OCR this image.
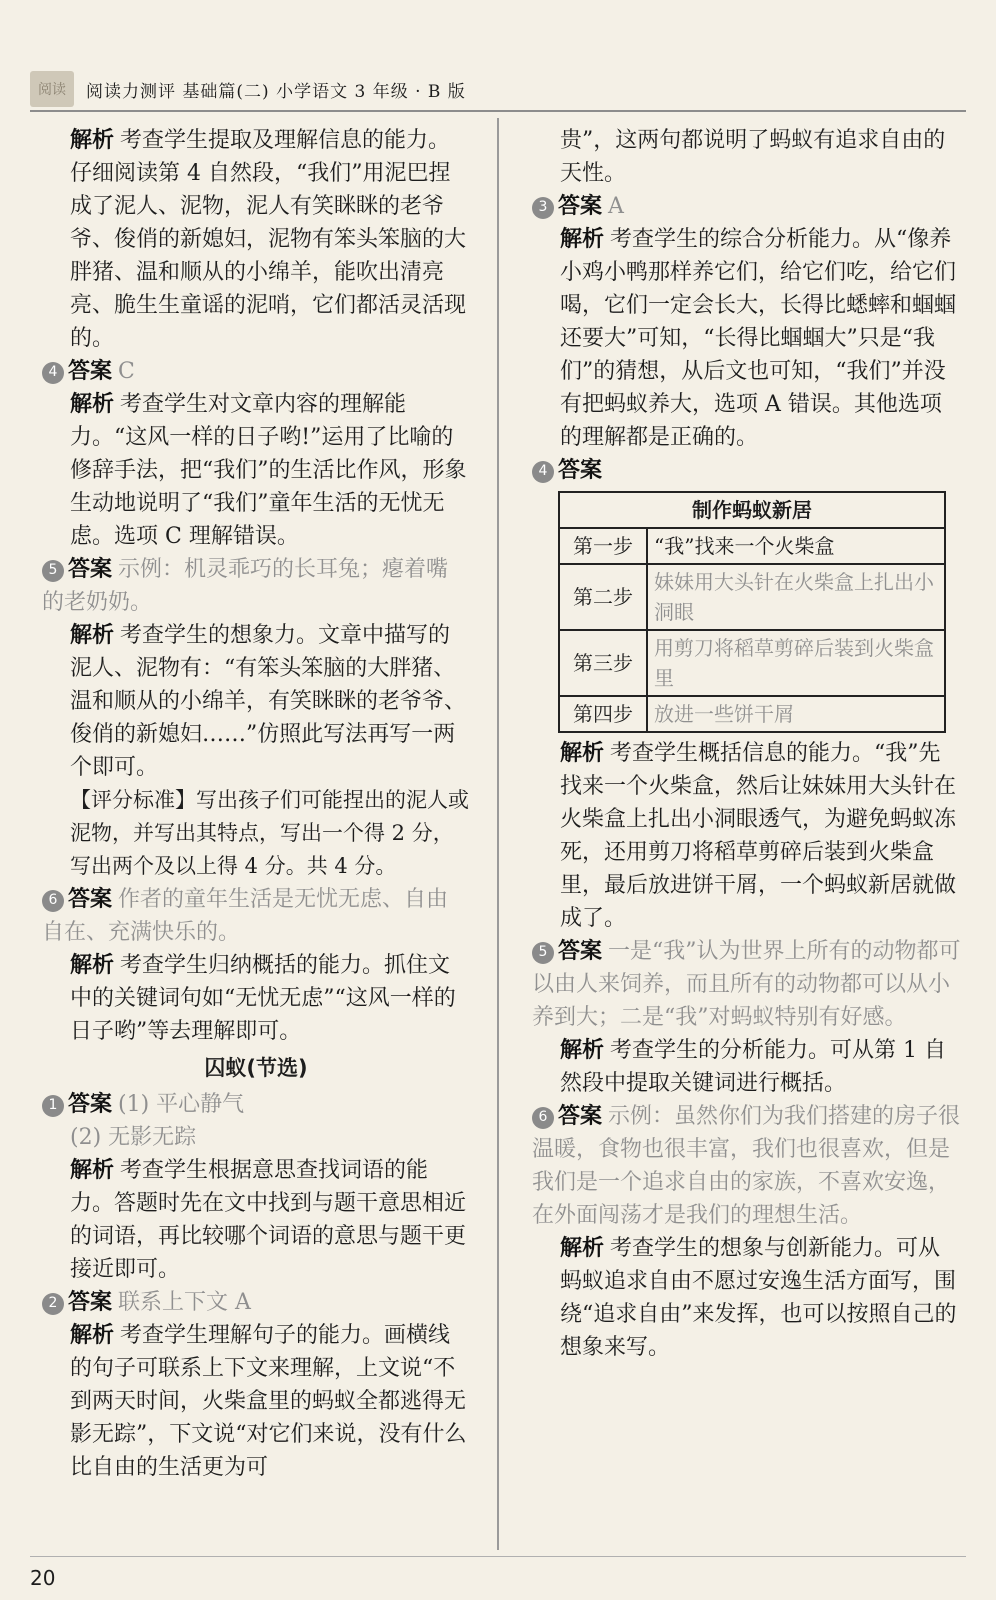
阅读	阅读力测评 基础篇(二) 小学语文 3 年级 · B 版

解析 考查学生提取及理解信息的能力。仔细阅读第 4 自然段，“我们”用泥巴捏成了泥人、泥物，泥人有笑眯眯的老爷爷、俊俏的新媳妇，泥物有笨头笨脑的大胖猪、温和顺从的小绵羊，能吹出清亮亮、脆生生童谣的泥哨，它们都活灵活现的。

4 答案 C

解析 考查学生对文章内容的理解能力。“这风一样的日子哟!”运用了比喻的修辞手法，把“我们”的生活比作风，形象生动地说明了“我们”童年生活的无忧无虑。选项 C 理解错误。

5 答案 示例：机灵乖巧的长耳兔；瘪着嘴的老奶奶。

解析 考查学生的想象力。文章中描写的泥人、泥物有：“有笨头笨脑的大胖猪、温和顺从的小绵羊，有笑眯眯的老爷爷、俊俏的新媳妇……”仿照此写法再写一两个即可。

【评分标准】写出孩子们可能捏出的泥人或泥物，并写出其特点，写出一个得 2 分，写出两个及以上得 4 分。共 4 分。

6 答案 作者的童年生活是无忧无虑、自由自在、充满快乐的。

解析 考查学生归纳概括的能力。抓住文中的关键词句如“无忧无虑”“这风一样的日子哟”等去理解即可。

囚蚁(节选)
1 答案 (1) 平心静气
(2) 无影无踪

解析 考查学生根据意思查找词语的能力。答题时先在文中找到与题干意思相近的词语，再比较哪个词语的意思与题干更接近即可。

2 答案 联系上下文 A

解析 考查学生理解句子的能力。画横线的句子可联系上下文来理解，上文说“不到两天时间，火柴盒里的蚂蚁全都逃得无影无踪”，下文说“对它们来说，没有什么比自由的生活更为可

贵”，这两句都说明了蚂蚁有追求自由的天性。

3 答案 A

解析 考查学生的综合分析能力。从“像养小鸡小鸭那样养它们，给它们吃，给它们喝，它们一定会长大，长得比蟋蟀和蝈蝈还要大”可知，“长得比蝈蝈大”只是“我们”的猜想，从后文也可知，“我们”并没有把蚂蚁养大，选项 A 错误。其他选项的理解都是正确的。

4 答案
制作蚂蚁新居	
第一步	“我”找来一个火柴盒
第二步	妹妹用大头针在火柴盒上扎出小洞眼
第三步	用剪刀将稻草剪碎后装到火柴盒里
第四步	放进一些饼干屑

解析 考查学生概括信息的能力。“我”先找来一个火柴盒，然后让妹妹用大头针在火柴盒上扎出小洞眼透气，为避免蚂蚁冻死，还用剪刀将稻草剪碎后装到火柴盒里，最后放进饼干屑，一个蚂蚁新居就做成了。

5 答案 一是“我”认为世界上所有的动物都可以由人来饲养，而且所有的动物都可以从小养到大；二是“我”对蚂蚁特别有好感。

解析 考查学生的分析能力。可从第 1 自然段中提取关键词进行概括。

6 答案 示例：虽然你们为我们搭建的房子很温暖，食物也很丰富，我们也很喜欢，但是我们是一个追求自由的家族，不喜欢安逸，在外面闯荡才是我们的理想生活。

解析 考查学生的想象与创新能力。可从蚂蚁追求自由不愿过安逸生活方面写，围绕“追求自由”来发挥，也可以按照自己的想象来写。

20
